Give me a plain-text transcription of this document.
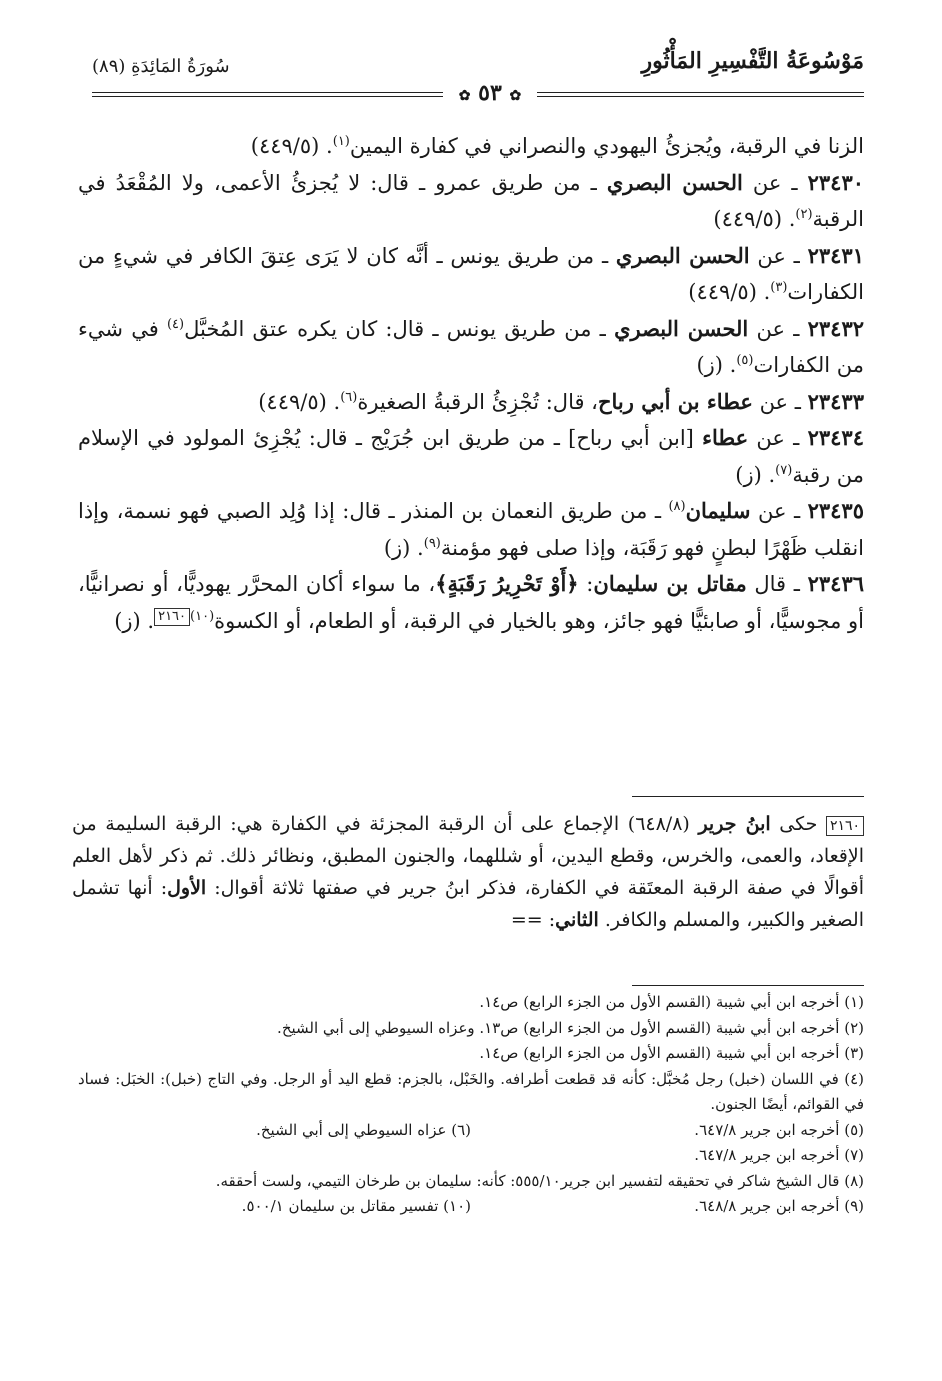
مَوْسُوعَةُ التَّفْسِيرِ المَأْثُورِ
سُورَةُ المَائِدَةِ (٨٩)
✿ ٥٣ ✿

الزنا في الرقبة، ويُجزئُ اليهودي والنصراني في كفارة اليمين$^{(١)}$. (٤٤٩/٥)

٢٣٤٣٠ ـ عن الحسن البصري ـ من طريق عمرو ـ قال: لا يُجزئُ الأعمى، ولا المُقْعَدُ في الرقبة$^{(٢)}$. (٤٤٩/٥)

٢٣٤٣١ ـ عن الحسن البصري ـ من طريق يونس ـ أنَّه كان لا يَرَى عِتقَ الكافر في شيءٍ من الكفارات$^{(٣)}$. (٤٤٩/٥)

٢٣٤٣٢ ـ عن الحسن البصري ـ من طريق يونس ـ قال: كان يكره عتق المُخبَّل$^{(٤)}$ في شيء من الكفارات$^{(٥)}$. (ز)

٢٣٤٣٣ ـ عن عطاء بن أبي رباح، قال: تُجْزِئُ الرقبةُ الصغيرة$^{(٦)}$. (٤٤٩/٥)

٢٣٤٣٤ ـ عن عطاء [ابن أبي رباح] ـ من طريق ابن جُرَيْج ـ قال: يُجْزِئ المولود في الإسلام من رقبة$^{(٧)}$. (ز)

٢٣٤٣٥ ـ عن سليمان$^{(٨)}$ ـ من طريق النعمان بن المنذر ـ قال: إذا وُلِد الصبي فهو نسمة، وإذا انقلب ظَهْرًا لبطنٍ فهو رَقَبَة، وإذا صلى فهو مؤمنة$^{(٩)}$. (ز)

٢٣٤٣٦ ـ قال مقاتل بن سليمان: ﴿أَوْ تَحْرِيرُ رَقَبَةٍ﴾، ما سواء أكان المحرَّر يهوديًّا، أو نصرانيًّا، أو مجوسيًّا، أو صابئيًّا فهو جائز، وهو بالخيار في الرقبة، أو الطعام، أو الكسوة$^{(١٠)}$٢١٦٠. (ز)

٢١٦٠ حكى ابنُ جرير (٦٤٨/٨) الإجماع على أن الرقبة المجزئة في الكفارة هي: الرقبة السليمة من الإقعاد، والعمى، والخرس، وقطع اليدين، أو شللهما، والجنون المطبق، ونظائر ذلك. ثم ذكر لأهل العلم أقوالًا في صفة الرقبة المعتَقة في الكفارة، فذكر ابنُ جرير في صفتها ثلاثة أقوال: الأول: أنها تشمل الصغير والكبير، والمسلم والكافر. الثاني: ==

(١) أخرجه ابن أبي شيبة (القسم الأول من الجزء الرابع) ص١٤.

(٢) أخرجه ابن أبي شيبة (القسم الأول من الجزء الرابع) ص١٣. وعزاه السيوطي إلى أبي الشيخ.

(٣) أخرجه ابن أبي شيبة (القسم الأول من الجزء الرابع) ص١٤.

(٤) في اللسان (خبل) رجل مُخبَّل: كأنه قد قطعت أطرافه. والخَبْل، بالجزم: قطع اليد أو الرجل. وفي التاج (خبل): الخبَل: فساد في القوائم، أيضًا الجنون.

(٥) أخرجه ابن جرير ٦٤٧/٨.
(٦) عزاه السيوطي إلى أبي الشيخ.

(٧) أخرجه ابن جرير ٦٤٧/٨.

(٨) قال الشيخ شاكر في تحقيقه لتفسير ابن جرير٥٥٥/١٠: كأنه: سليمان بن طرخان التيمي، ولست أحققه.

(٩) أخرجه ابن جرير ٦٤٨/٨.
(١٠) تفسير مقاتل بن سليمان ٥٠٠/١.
